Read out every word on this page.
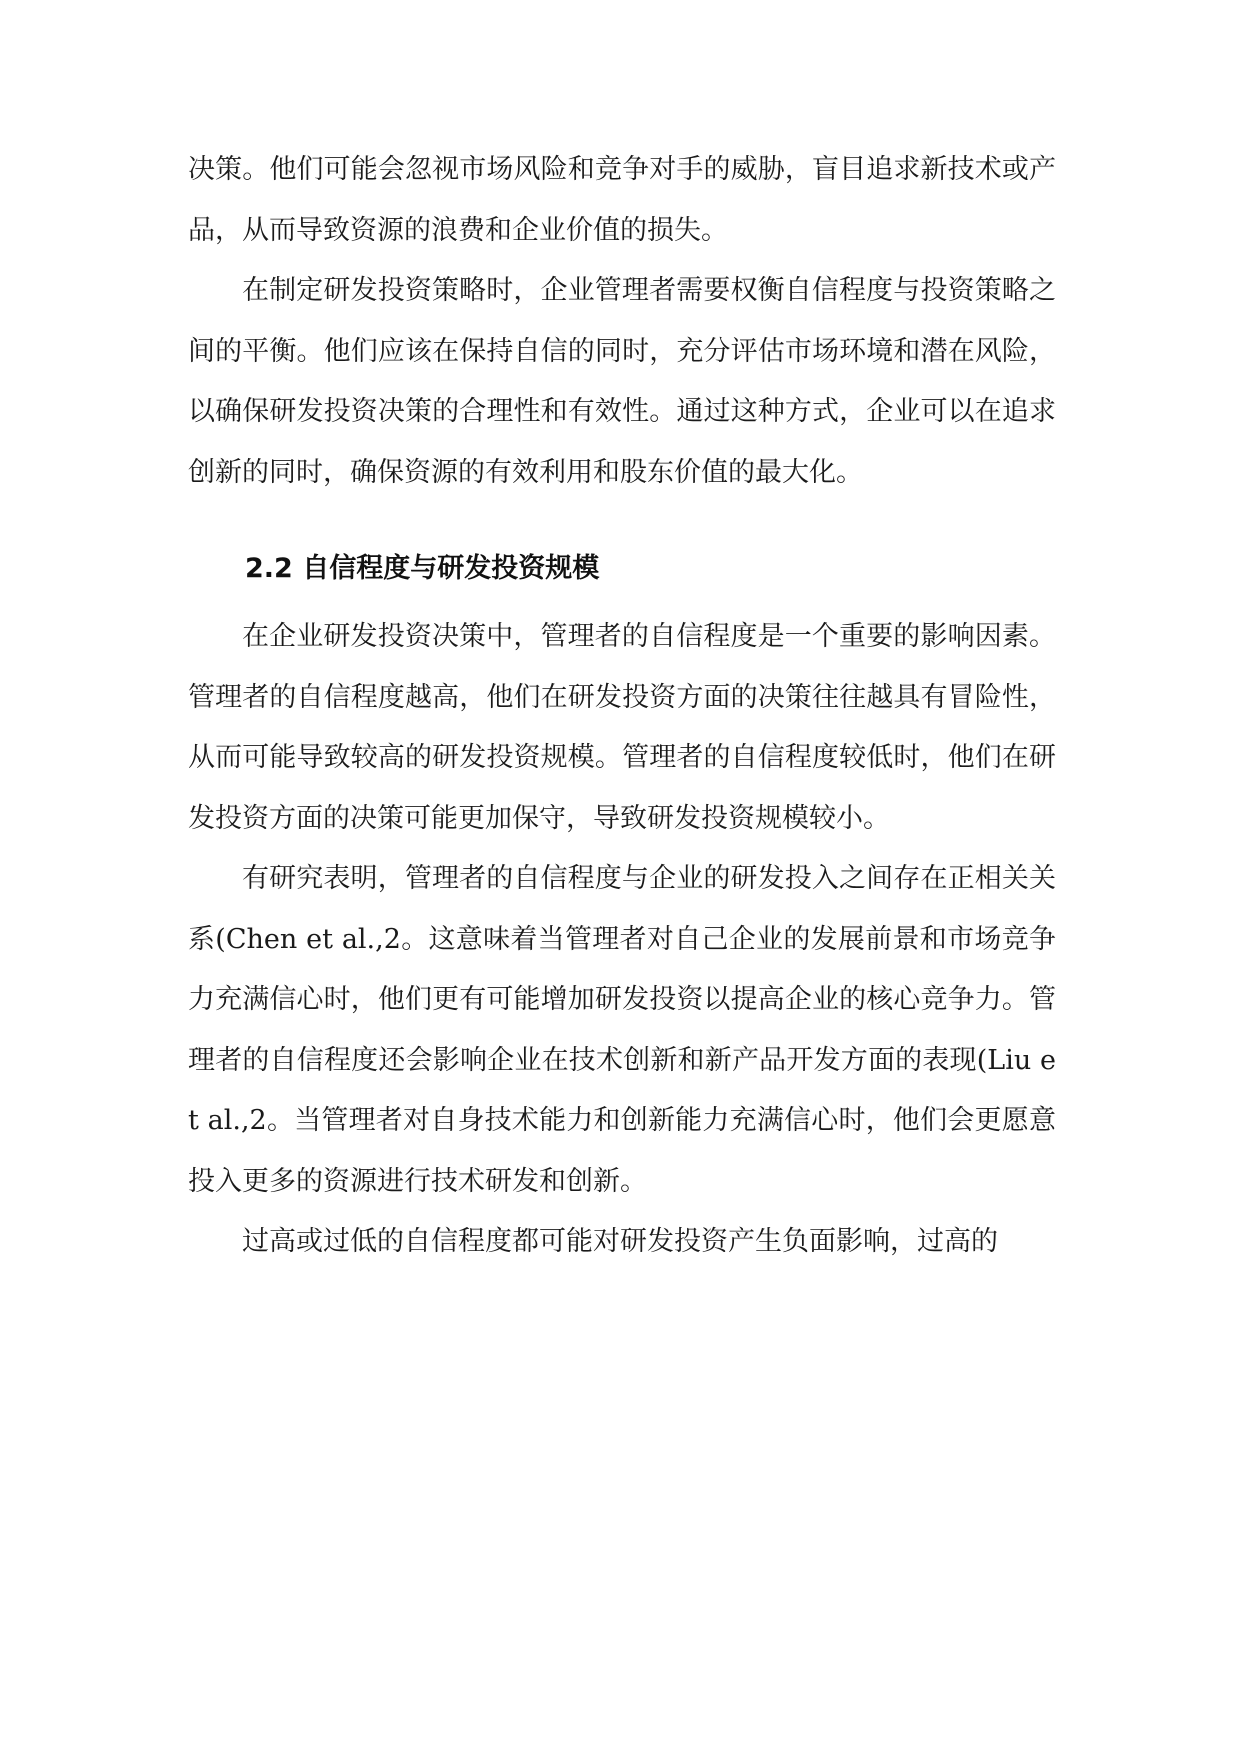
决策。他们可能会忽视市场风险和竞争对手的威胁，盲目追求新技术或产品，从而导致资源的浪费和企业价值的损失。

在制定研发投资策略时，企业管理者需要权衡自信程度与投资策略之间的平衡。他们应该在保持自信的同时，充分评估市场环境和潜在风险，以确保研发投资决策的合理性和有效性。通过这种方式，企业可以在追求创新的同时，确保资源的有效利用和股东价值的最大化。

2.2 自信程度与研发投资规模

在企业研发投资决策中，管理者的自信程度是一个重要的影响因素。管理者的自信程度越高，他们在研发投资方面的决策往往越具有冒险性，从而可能导致较高的研发投资规模。管理者的自信程度较低时，他们在研发投资方面的决策可能更加保守，导致研发投资规模较小。

有研究表明，管理者的自信程度与企业的研发投入之间存在正相关关系(Chen et al.,2。这意味着当管理者对自己企业的发展前景和市场竞争力充满信心时，他们更有可能增加研发投资以提高企业的核心竞争力。管理者的自信程度还会影响企业在技术创新和新产品开发方面的表现(Liu et al.,2。当管理者对自身技术能力和创新能力充满信心时，他们会更愿意投入更多的资源进行技术研发和创新。

过高或过低的自信程度都可能对研发投资产生负面影响，过高的
